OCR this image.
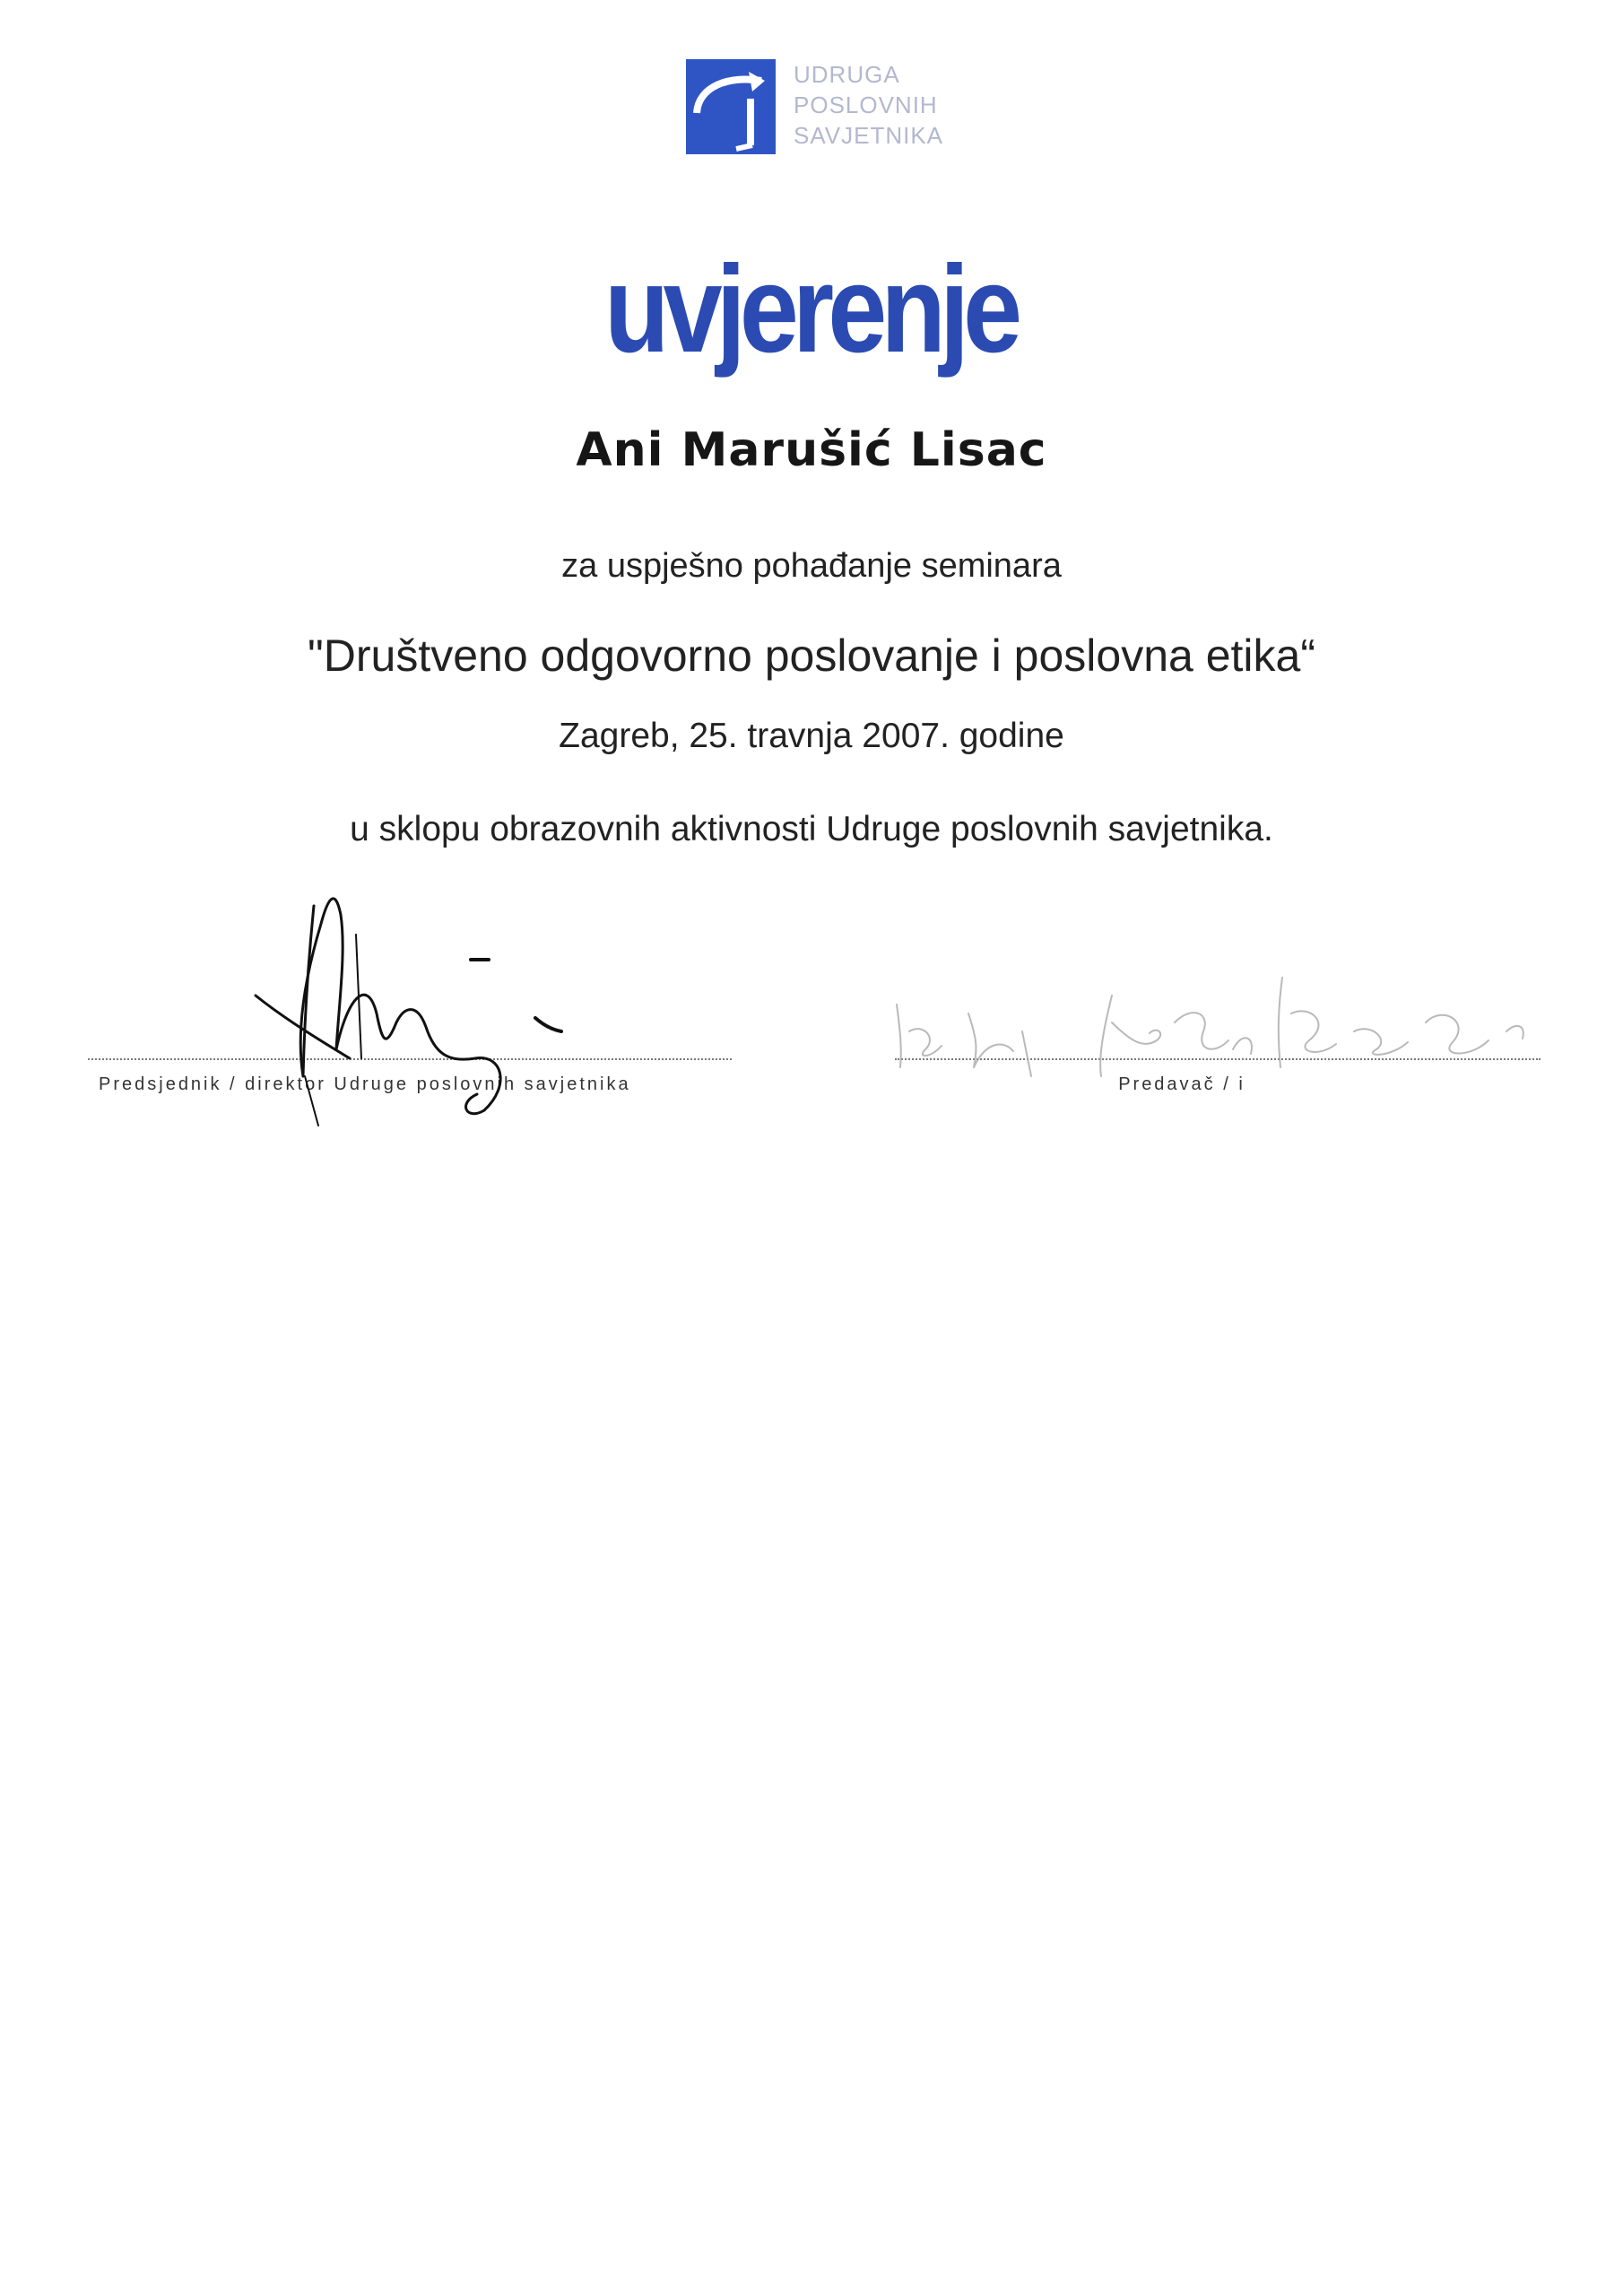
UDRUGA
POSLOVNIH
SAVJETNIKA
uvjerenje
Ani Marušić Lisac
za uspješno pohađanje seminara
"Društveno odgovorno poslovanje i poslovna etika“
Zagreb, 25. travnja 2007. godine
u sklopu obrazovnih aktivnosti Udruge poslovnih savjetnika.
Predsjednik / direktor Udruge poslovnih savjetnika	Predavač / i
